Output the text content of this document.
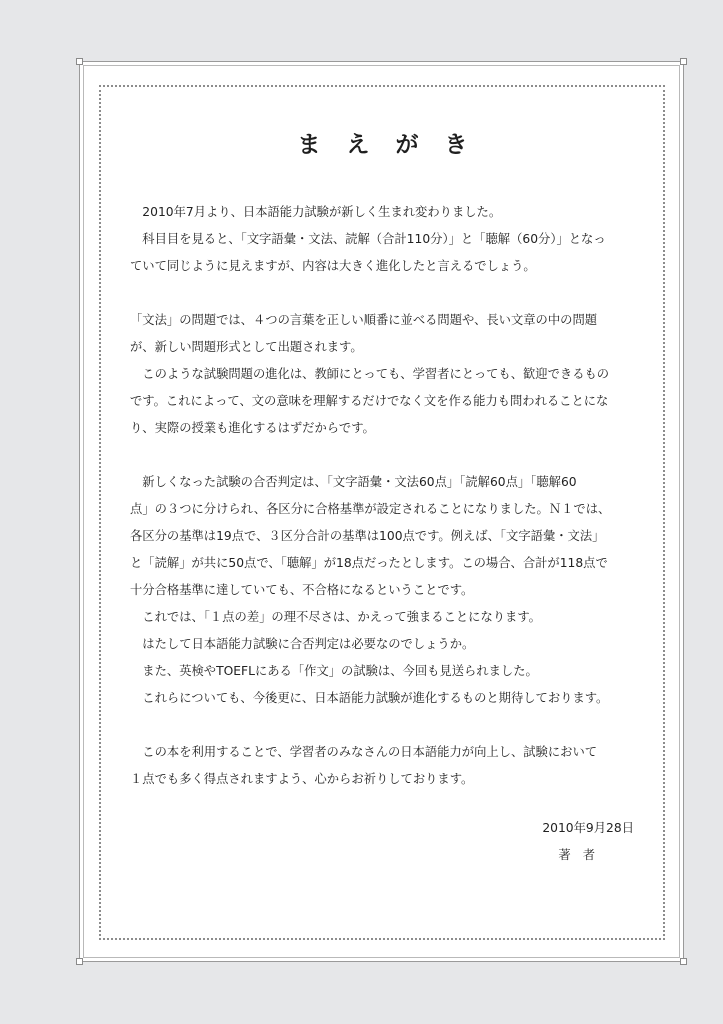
まえがき
　2010年7月より、日本語能力試験が新しく生まれ変わりました。
　科目目を見ると、「文字語彙・文法、読解（合計110分）」と「聴解（60分）」となっ
ていて同じように見えますが、内容は大きく進化したと言えるでしょう。
「文法」の問題では、４つの言葉を正しい順番に並べる問題や、長い文章の中の問題
が、新しい問題形式として出題されます。
　このような試験問題の進化は、教師にとっても、学習者にとっても、歓迎できるもの
です。これによって、文の意味を理解するだけでなく文を作る能力も問われることにな
り、実際の授業も進化するはずだからです。
　新しくなった試験の合否判定は、「文字語彙・文法60点」「読解60点」「聴解60
点」の３つに分けられ、各区分に合格基準が設定されることになりました。Ｎ１では、
各区分の基準は19点で、３区分合計の基準は100点です。例えば、「文字語彙・文法」
と「読解」が共に50点で、「聴解」が18点だったとします。この場合、合計が118点で
十分合格基準に達していても、不合格になるということです。
　これでは、「１点の差」の理不尽さは、かえって強まることになります。
　はたして日本語能力試験に合否判定は必要なのでしょうか。
　また、英検やTOEFLにある「作文」の試験は、今回も見送られました。
　これらについても、今後更に、日本語能力試験が進化するものと期待しております。
　この本を利用することで、学習者のみなさんの日本語能力が向上し、試験において
１点でも多く得点されますよう、心からお祈りしております。
2010年9月28日
著者
